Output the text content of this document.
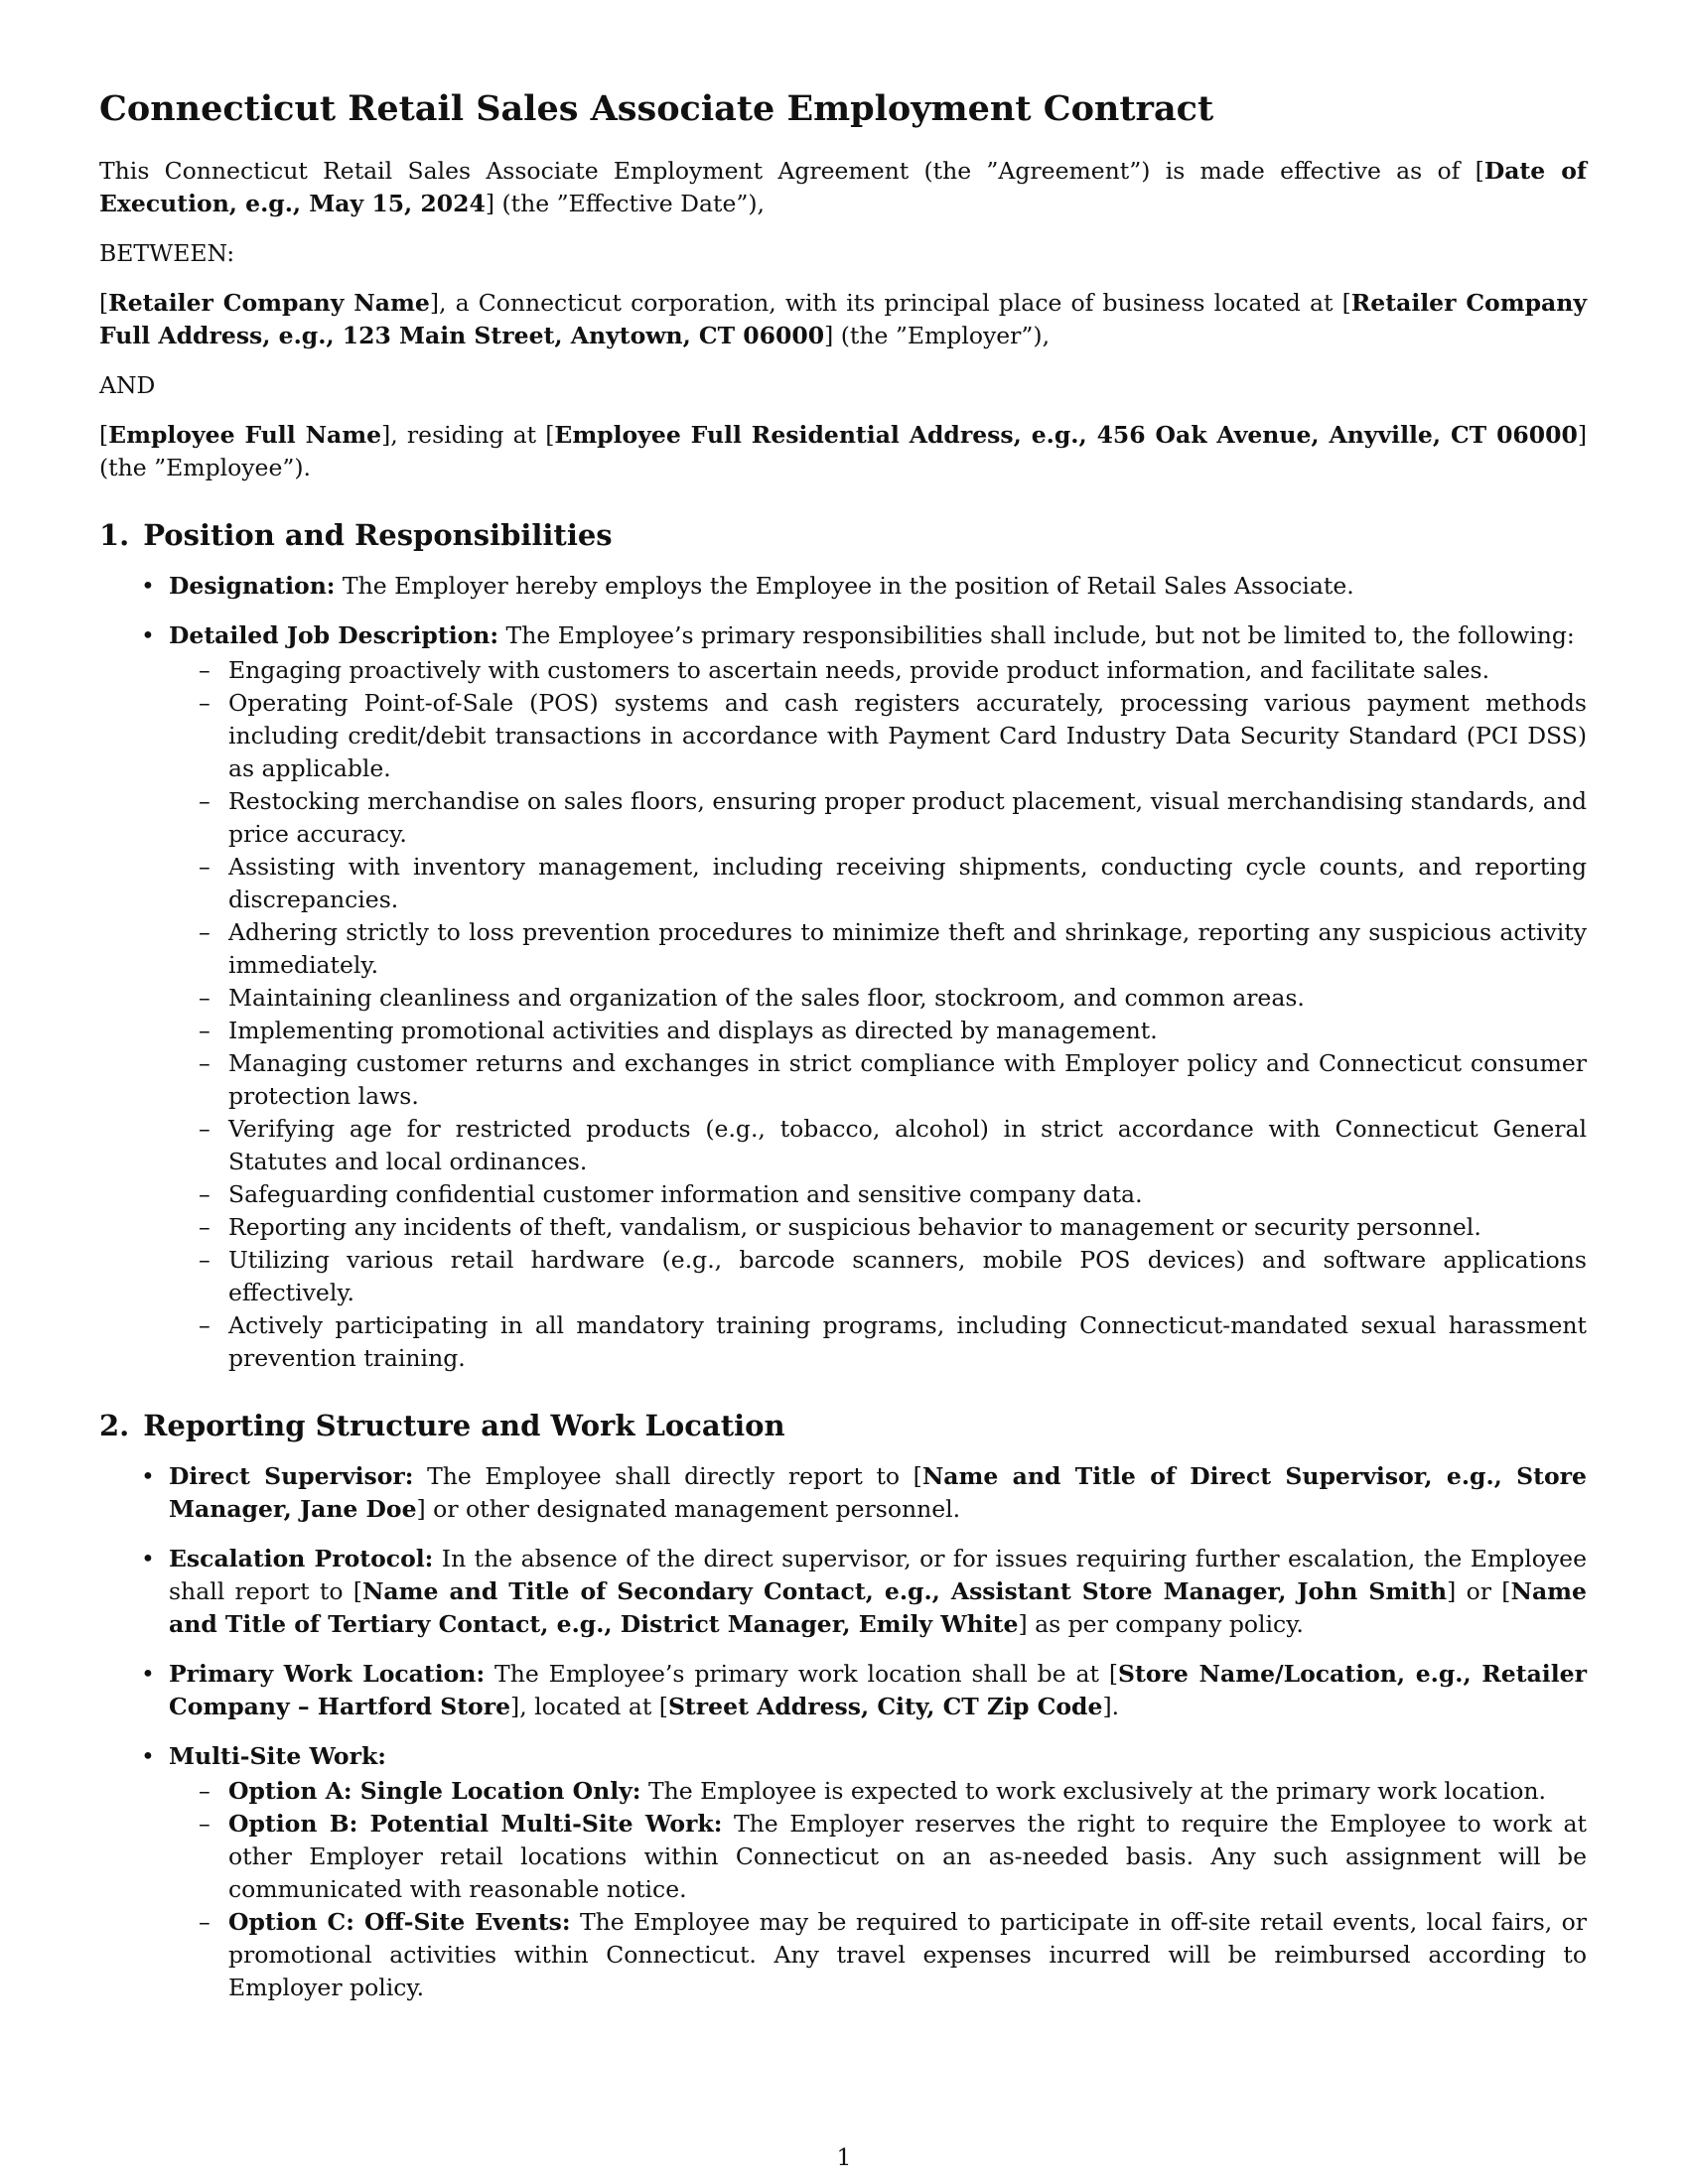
Connecticut Retail Sales Associate Employment Contract

This Connecticut Retail Sales Associate Employment Agreement (the ”Agreement”) is made effective as of [Date of Execution, e.g., May 15, 2024] (the ”Effective Date”),

BETWEEN:

[Retailer Company Name], a Connecticut corporation, with its principal place of business located at [Retailer Company Full Address, e.g., 123 Main Street, Anytown, CT 06000] (the ”Employer”),

AND

[Employee Full Name], residing at [Employee Full Residential Address, e.g., 456 Oak Avenue, Anyville, CT 06000] (the ”Employee”).

1. Position and Responsibilities
• Designation: The Employer hereby employs the Employee in the position of Retail Sales Associate.
• Detailed Job Description: The Employee’s primary responsibilities shall include, but not be limited to, the following:
– Engaging proactively with customers to ascertain needs, provide product information, and facilitate sales.
– Operating Point-of-Sale (POS) systems and cash registers accurately, processing various payment methods including credit/debit transactions in accordance with Payment Card Industry Data Security Standard (PCI DSS) as applicable.
– Restocking merchandise on sales floors, ensuring proper product placement, visual merchandising standards, and price accuracy.
– Assisting with inventory management, including receiving shipments, conducting cycle counts, and reporting discrepancies.
– Adhering strictly to loss prevention procedures to minimize theft and shrinkage, reporting any suspicious activity immediately.
– Maintaining cleanliness and organization of the sales floor, stockroom, and common areas.
– Implementing promotional activities and displays as directed by management.
– Managing customer returns and exchanges in strict compliance with Employer policy and Connecticut consumer protection laws.
– Verifying age for restricted products (e.g., tobacco, alcohol) in strict accordance with Connecticut General Statutes and local ordinances.
– Safeguarding confidential customer information and sensitive company data.
– Reporting any incidents of theft, vandalism, or suspicious behavior to management or security personnel.
– Utilizing various retail hardware (e.g., barcode scanners, mobile POS devices) and software applications effectively.
– Actively participating in all mandatory training programs, including Connecticut-mandated sexual harassment prevention training.
2. Reporting Structure and Work Location
• Direct Supervisor: The Employee shall directly report to [Name and Title of Direct Supervisor, e.g., Store Manager, Jane Doe] or other designated management personnel.
• Escalation Protocol: In the absence of the direct supervisor, or for issues requiring further escalation, the Employee shall report to [Name and Title of Secondary Contact, e.g., Assistant Store Manager, John Smith] or [Name and Title of Tertiary Contact, e.g., District Manager, Emily White] as per company policy.
• Primary Work Location: The Employee’s primary work location shall be at [Store Name/Location, e.g., Retailer Company – Hartford Store], located at [Street Address, City, CT Zip Code].
• Multi-Site Work:
– Option A: Single Location Only: The Employee is expected to work exclusively at the primary work location.
– Option B: Potential Multi-Site Work: The Employer reserves the right to require the Employee to work at other Employer retail locations within Connecticut on an as-needed basis. Any such assignment will be communicated with reasonable notice.
– Option C: Off-Site Events: The Employee may be required to participate in off-site retail events, local fairs, or promotional activities within Connecticut. Any travel expenses incurred will be reimbursed according to Employer policy.
1
